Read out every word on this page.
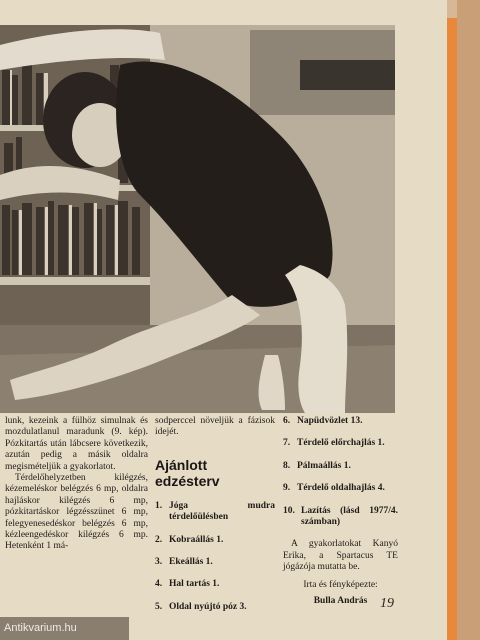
lunk, kezeink a fülhöz simulnak és mozdulatlanul maradunk (9. kép). Pózkitartás után lábcsere következik, azután pedig a másik oldalra megismételjük a gyakorlatot.

Térdelőhelyzetben kilégzés, kézemeléskor belégzés 6 mp, oldalra hajláskor kilégzés 6 mp, pózkitartáskor légzésszünet 6 mp, felegyenesedéskor belégzés 6 mp, kézleengedéskor kilégzés 6 mp. Hetenként 1 má-

sodperccel növeljük a fázisok idejét.
Ajánlott edzésterv
1. Jóga mudra térdelőülésben
2. Kobraállás 1.
3. Ekeállás 1.
4. Hal tartás 1.
5. Oldal nyújtó póz 3.
6. Napüdvözlet 13.
7. Térdelő előrchajlás 1.
8. Pálmaállás 1.
9. Térdelő oldalhajlás 4.
10. Lazítás (lásd 1977/4. számban)

A gyakorlatokat Kanyó Erika, a Spartacus TE jógázója mutatta be.

Irta és fényképezte:

Bulla András 19
Antikvarium.hu
